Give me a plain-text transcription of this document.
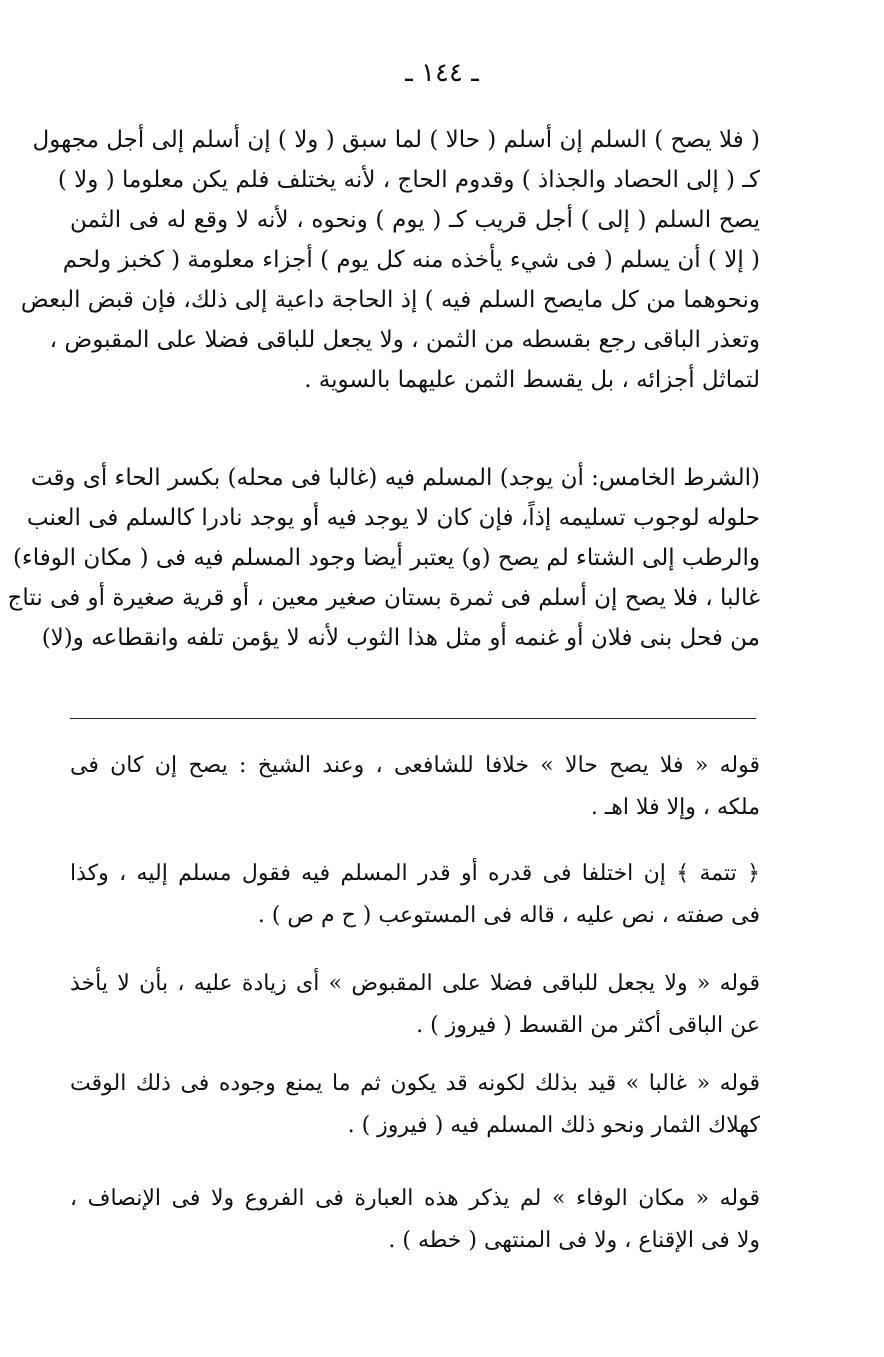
ـ ١٤٤ ـ
( فلا يصح ) السلم إن أسلم ( حالا ) لما سبق ( ولا ) إن أسلم إلى أجل مجهول
كـ ( إلى الحصاد والجذاذ ) وقدوم الحاج ، لأنه يختلف فلم يكن معلوما ( ولا )
يصح السلم ( إلى ) أجل قريب كـ ( يوم ) ونحوه ، لأنه لا وقع له فى الثمن
( إلا ) أن يسلم ( فى شيء يأخذه منه كل يوم ) أجزاء معلومة ( كخبز ولحم
ونحوهما من كل مايصح السلم فيه ) إذ الحاجة داعية إلى ذلك، فإن قبض البعض
وتعذر الباقى رجع بقسطه من الثمن ، ولا يجعل للباقى فضلا على المقبوض ،
لتماثل أجزائه ، بل يقسط الثمن عليهما بالسوية .
(الشرط الخامس: أن يوجد) المسلم فيه (غالبا فى محله) بكسر الحاء أى وقت
حلوله لوجوب تسليمه إذاً، فإن كان لا يوجد فيه أو يوجد نادرا كالسلم فى العنب
والرطب إلى الشتاء لم يصح (و) يعتبر أيضا وجود المسلم فيه فى ( مكان الوفاء)
غالبا ، فلا يصح إن أسلم فى ثمرة بستان صغير معين ، أو قرية صغيرة أو فى نتاج
من فحل بنى فلان أو غنمه أو مثل هذا الثوب لأنه لا يؤمن تلفه وانقطاعه و(لا)
قوله « فلا يصح حالا » خلافا للشافعى ، وعند الشيخ : يصح إن كان فى
ملكه ، وإلا فلا اهـ .
﴿ تتمة ﴾ إن اختلفا فى قدره أو قدر المسلم فيه فقول مسلم إليه ، وكذا
فى صفته ، نص عليه ، قاله فى المستوعب ( ح م ص ) .
قوله « ولا يجعل للباقى فضلا على المقبوض » أى زيادة عليه ، بأن لا يأخذ
عن الباقى أكثر من القسط ( فيروز ) .
قوله « غالبا » قيد بذلك لكونه قد يكون ثم ما يمنع وجوده فى ذلك الوقت
كهلاك الثمار ونحو ذلك المسلم فيه ( فيروز ) .
قوله « مكان الوفاء » لم يذكر هذه العبارة فى الفروع ولا فى الإنصاف ،
ولا فى الإقناع ، ولا فى المنتهى ( خطه ) .
